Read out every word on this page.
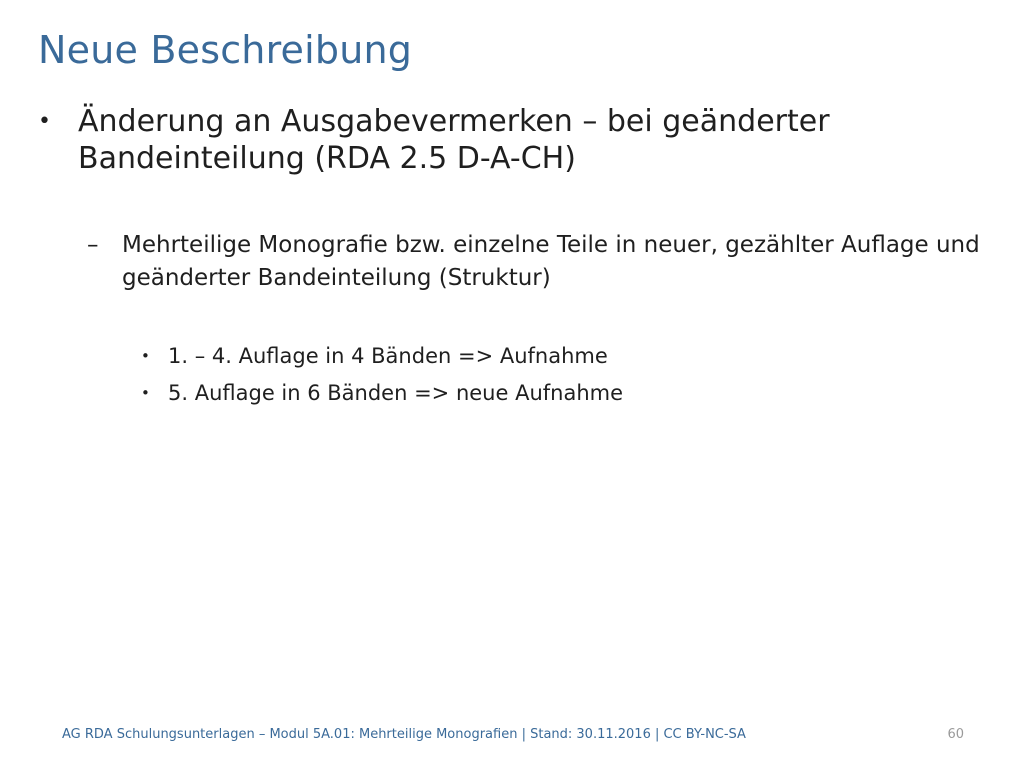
Neue Beschreibung
• Änderung an Ausgabevermerken – bei geänderter Bandeinteilung (RDA 2.5 D-A-CH)
– Mehrteilige Monografie bzw. einzelne Teile in neuer, gezählter Auflage und geänderter Bandeinteilung (Struktur)
• 1. – 4. Auflage in 4 Bänden => Aufnahme
• 5. Auflage in 6 Bänden => neue Aufnahme
AG RDA Schulungsunterlagen – Modul 5A.01: Mehrteilige Monografien | Stand: 30.11.2016 | CC BY-NC-SA	60
